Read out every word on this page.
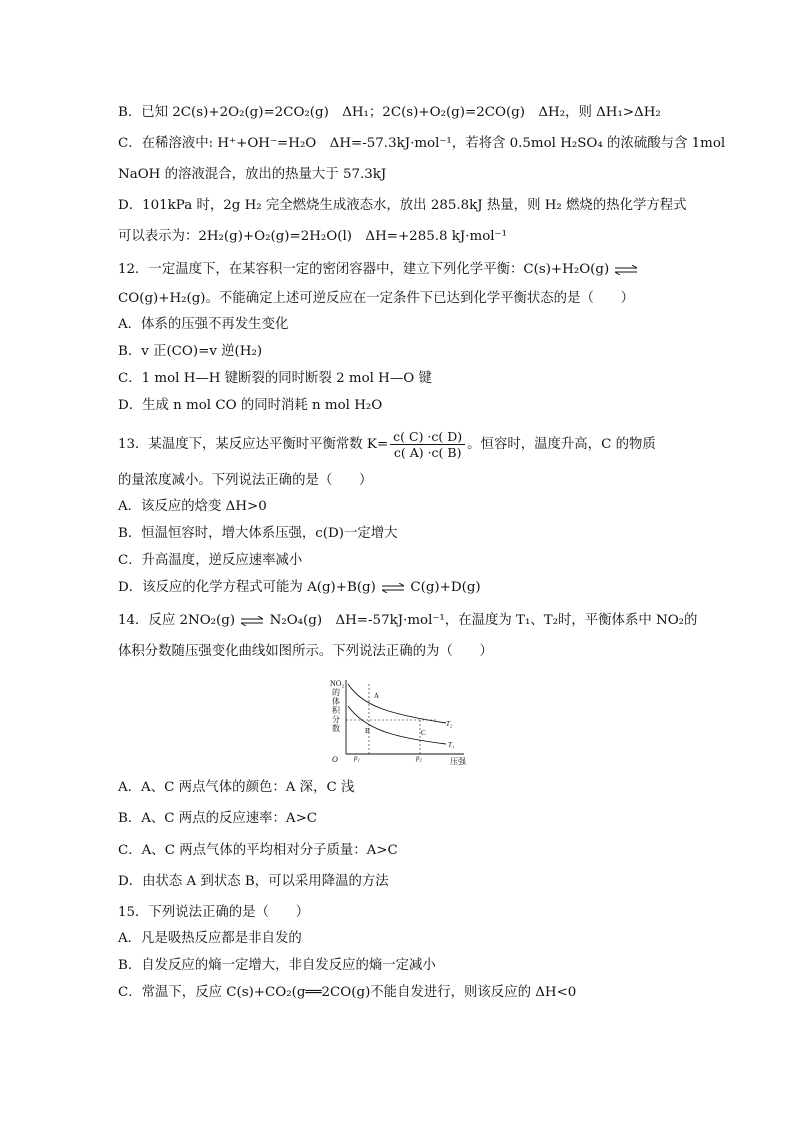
B．已知 2C(s)+2O₂(g)=2CO₂(g)　ΔH₁；2C(s)+O₂(g)=2CO(g)　ΔH₂，则 ΔH₁>ΔH₂
C．在稀溶液中: H⁺+OH⁻=H₂O　ΔH=-57.3kJ·mol⁻¹，若将含 0.5mol H₂SO₄ 的浓硫酸与含 1mol
NaOH 的溶液混合，放出的热量大于 57.3kJ
D．101kPa 时，2g H₂ 完全燃烧生成液态水，放出 285.8kJ 热量，则 H₂ 燃烧的热化学方程式
可以表示为：2H₂(g)+O₂(g)=2H₂O(l)　ΔH=+285.8 kJ·mol⁻¹
12．一定温度下，在某容积一定的密闭容器中，建立下列化学平衡：C(s)+H₂O(g) ⇌
CO(g)+H₂(g)。不能确定上述可逆反应在一定条件下已达到化学平衡状态的是（　　）
A．体系的压强不再发生变化
B．v 正(CO)=v 逆(H₂)
C．1 mol H—H 键断裂的同时断裂 2 mol H—O 键
D．生成 n mol CO 的同时消耗 n mol H₂O
13．某温度下，某反应达平衡时平衡常数 $K= \frac{c( C) \cdot c( D)}{c( A) \cdot c( B)}$ 。恒容时，温度升高，C 的物质
的量浓度减小。下列说法正确的是（　　）
A．该反应的焓变 ΔH>0
B．恒温恒容时，增大体系压强，c(D)一定增大
C．升高温度，逆反应速率减小
D．该反应的化学方程式可能为 A(g)+B(g) ⇌ C(g)+D(g)
14．反应 2NO₂(g) ⇌ N₂O₄(g)　ΔH=-57kJ·mol⁻¹，在温度为 T₁、T₂时，平衡体系中 NO₂的
体积分数随压强变化曲线如图所示。下列说法正确的为（　　）
NO₂
的
体
积
分
数
O	压强
p₁	p₂
T₂
T₁
A
B	C
A．A、C 两点气体的颜色：A 深，C 浅
B．A、C 两点的反应速率：A>C
C．A、C 两点气体的平均相对分子质量：A>C
D．由状态 A 到状态 B，可以采用降温的方法
15．下列说法正确的是（　　）
A．凡是吸热反应都是非自发的
B．自发反应的熵一定增大，非自发反应的熵一定减小
C．常温下，反应 C(s)+CO₂(g══2CO(g)不能自发进行，则该反应的 ΔH<0
